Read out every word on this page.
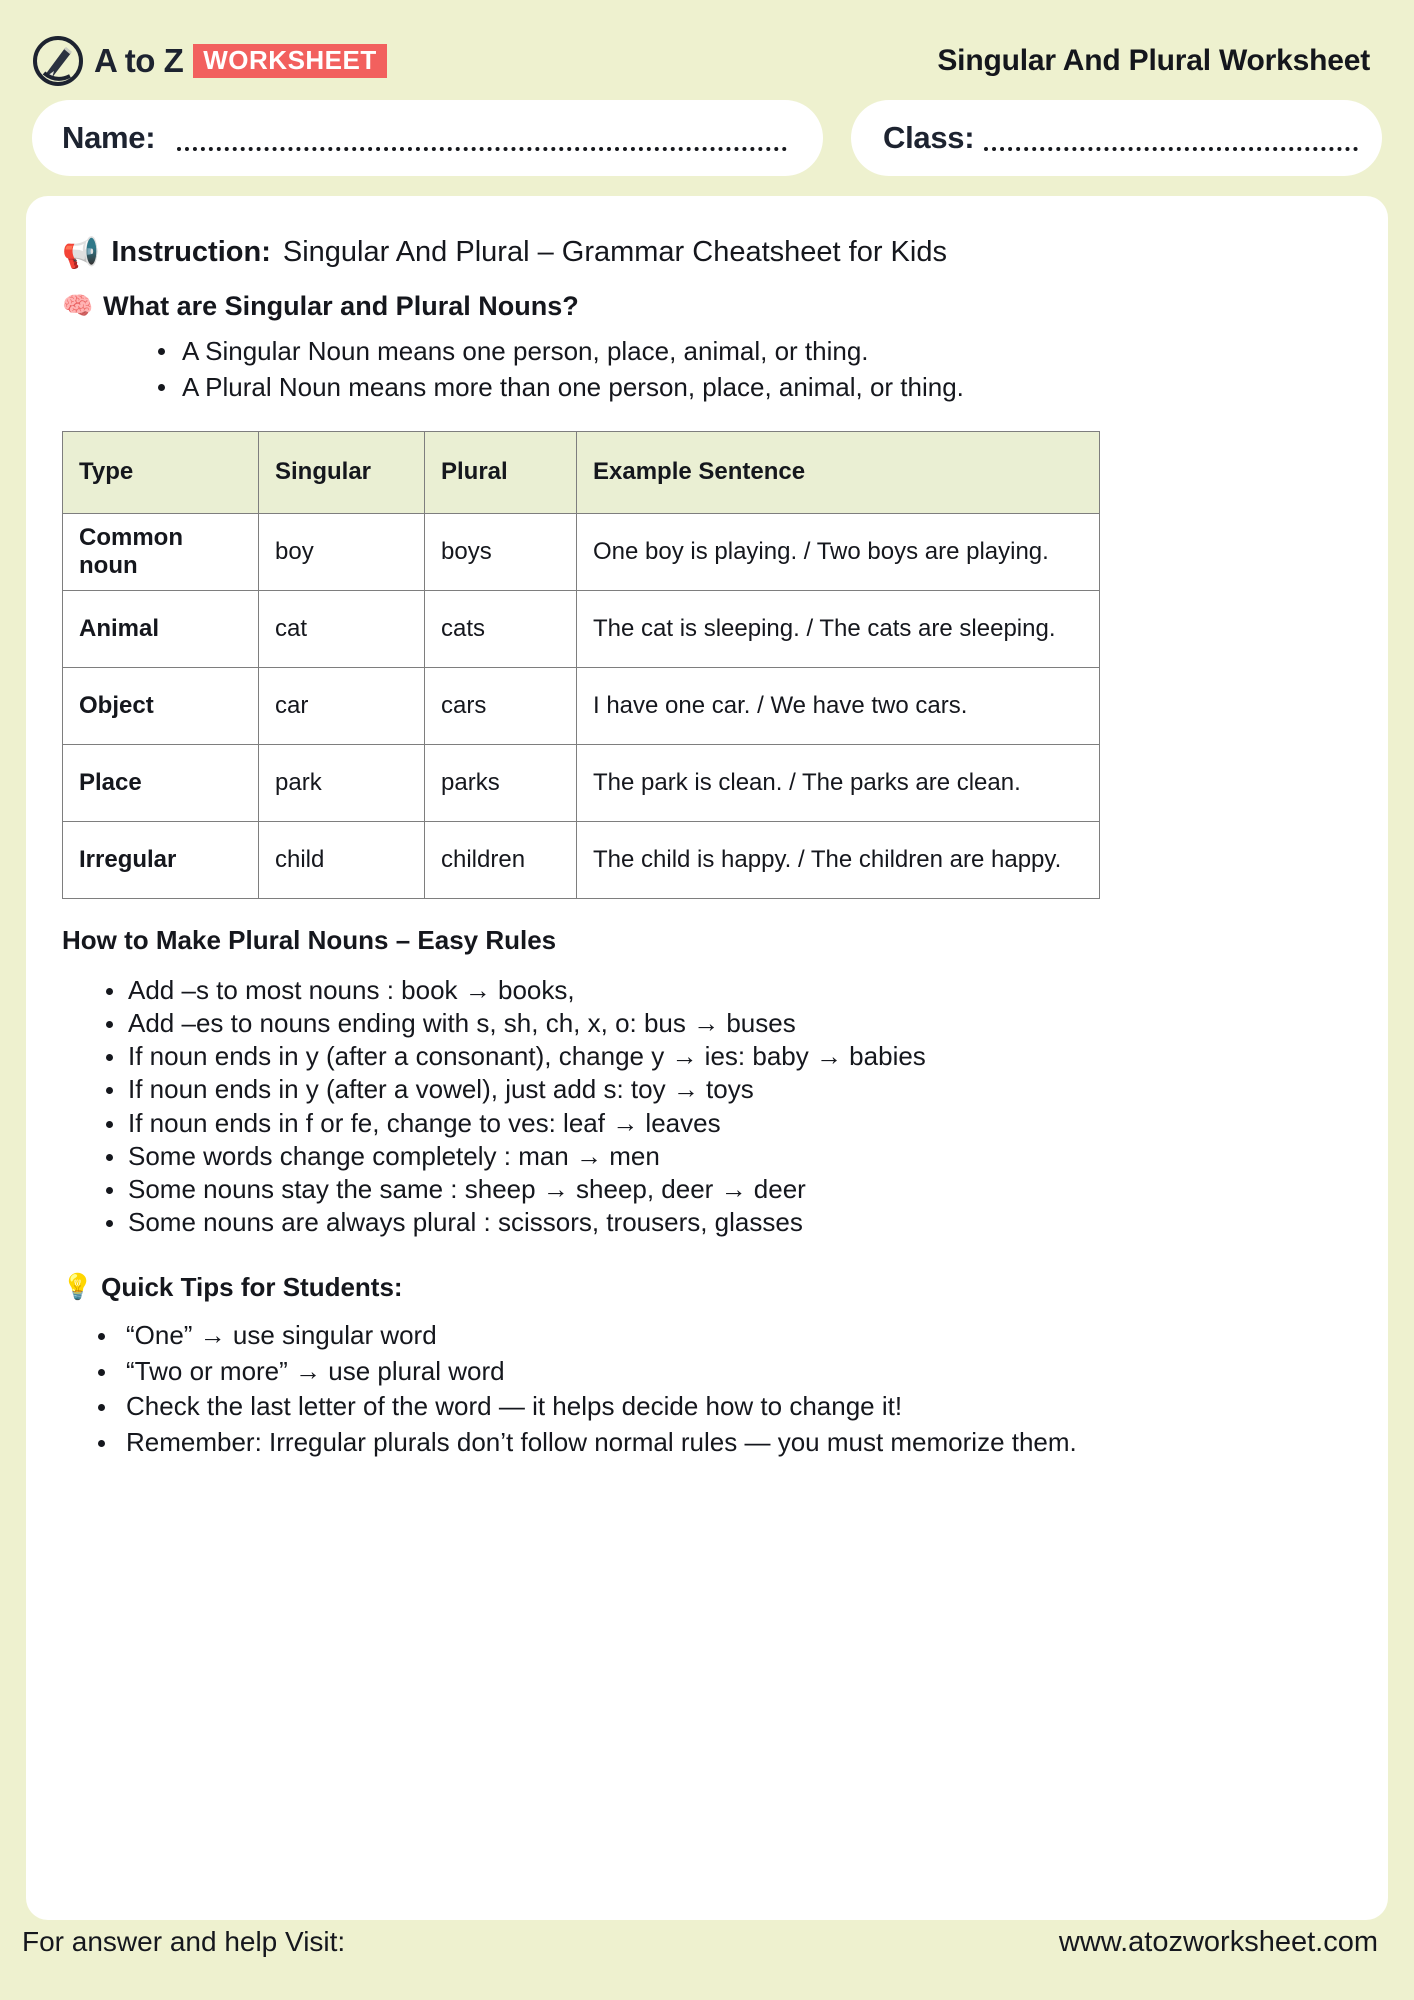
A to Z WORKSHEET	Singular And Plural Worksheet
Name:	Class:
📢 Instruction: Singular And Plural – Grammar Cheatsheet for Kids
🧠 What are Singular and Plural Nouns?
A Singular Noun means one person, place, animal, or thing.
A Plural Noun means more than one person, place, animal, or thing.
Type	Singular	Plural	Example Sentence
Common noun	boy	boys	One boy is playing. / Two boys are playing.
Animal	cat	cats	The cat is sleeping. / The cats are sleeping.
Object	car	cars	I have one car. / We have two cars.
Place	park	parks	The park is clean. / The parks are clean.
Irregular	child	children	The child is happy. / The children are happy.
How to Make Plural Nouns – Easy Rules
Add –s to most nouns : book → books,
Add –es to nouns ending with s, sh, ch, x, o: bus → buses
If noun ends in y (after a consonant), change y → ies: baby → babies
If noun ends in y (after a vowel), just add s: toy → toys
If noun ends in f or fe, change to ves: leaf → leaves
Some words change completely : man → men
Some nouns stay the same : sheep → sheep, deer → deer
Some nouns are always plural : scissors, trousers, glasses
💡 Quick Tips for Students:
“One” → use singular word
“Two or more” → use plural word
Check the last letter of the word — it helps decide how to change it!
Remember: Irregular plurals don’t follow normal rules — you must memorize them.
For answer and help Visit:	www.atozworksheet.com
